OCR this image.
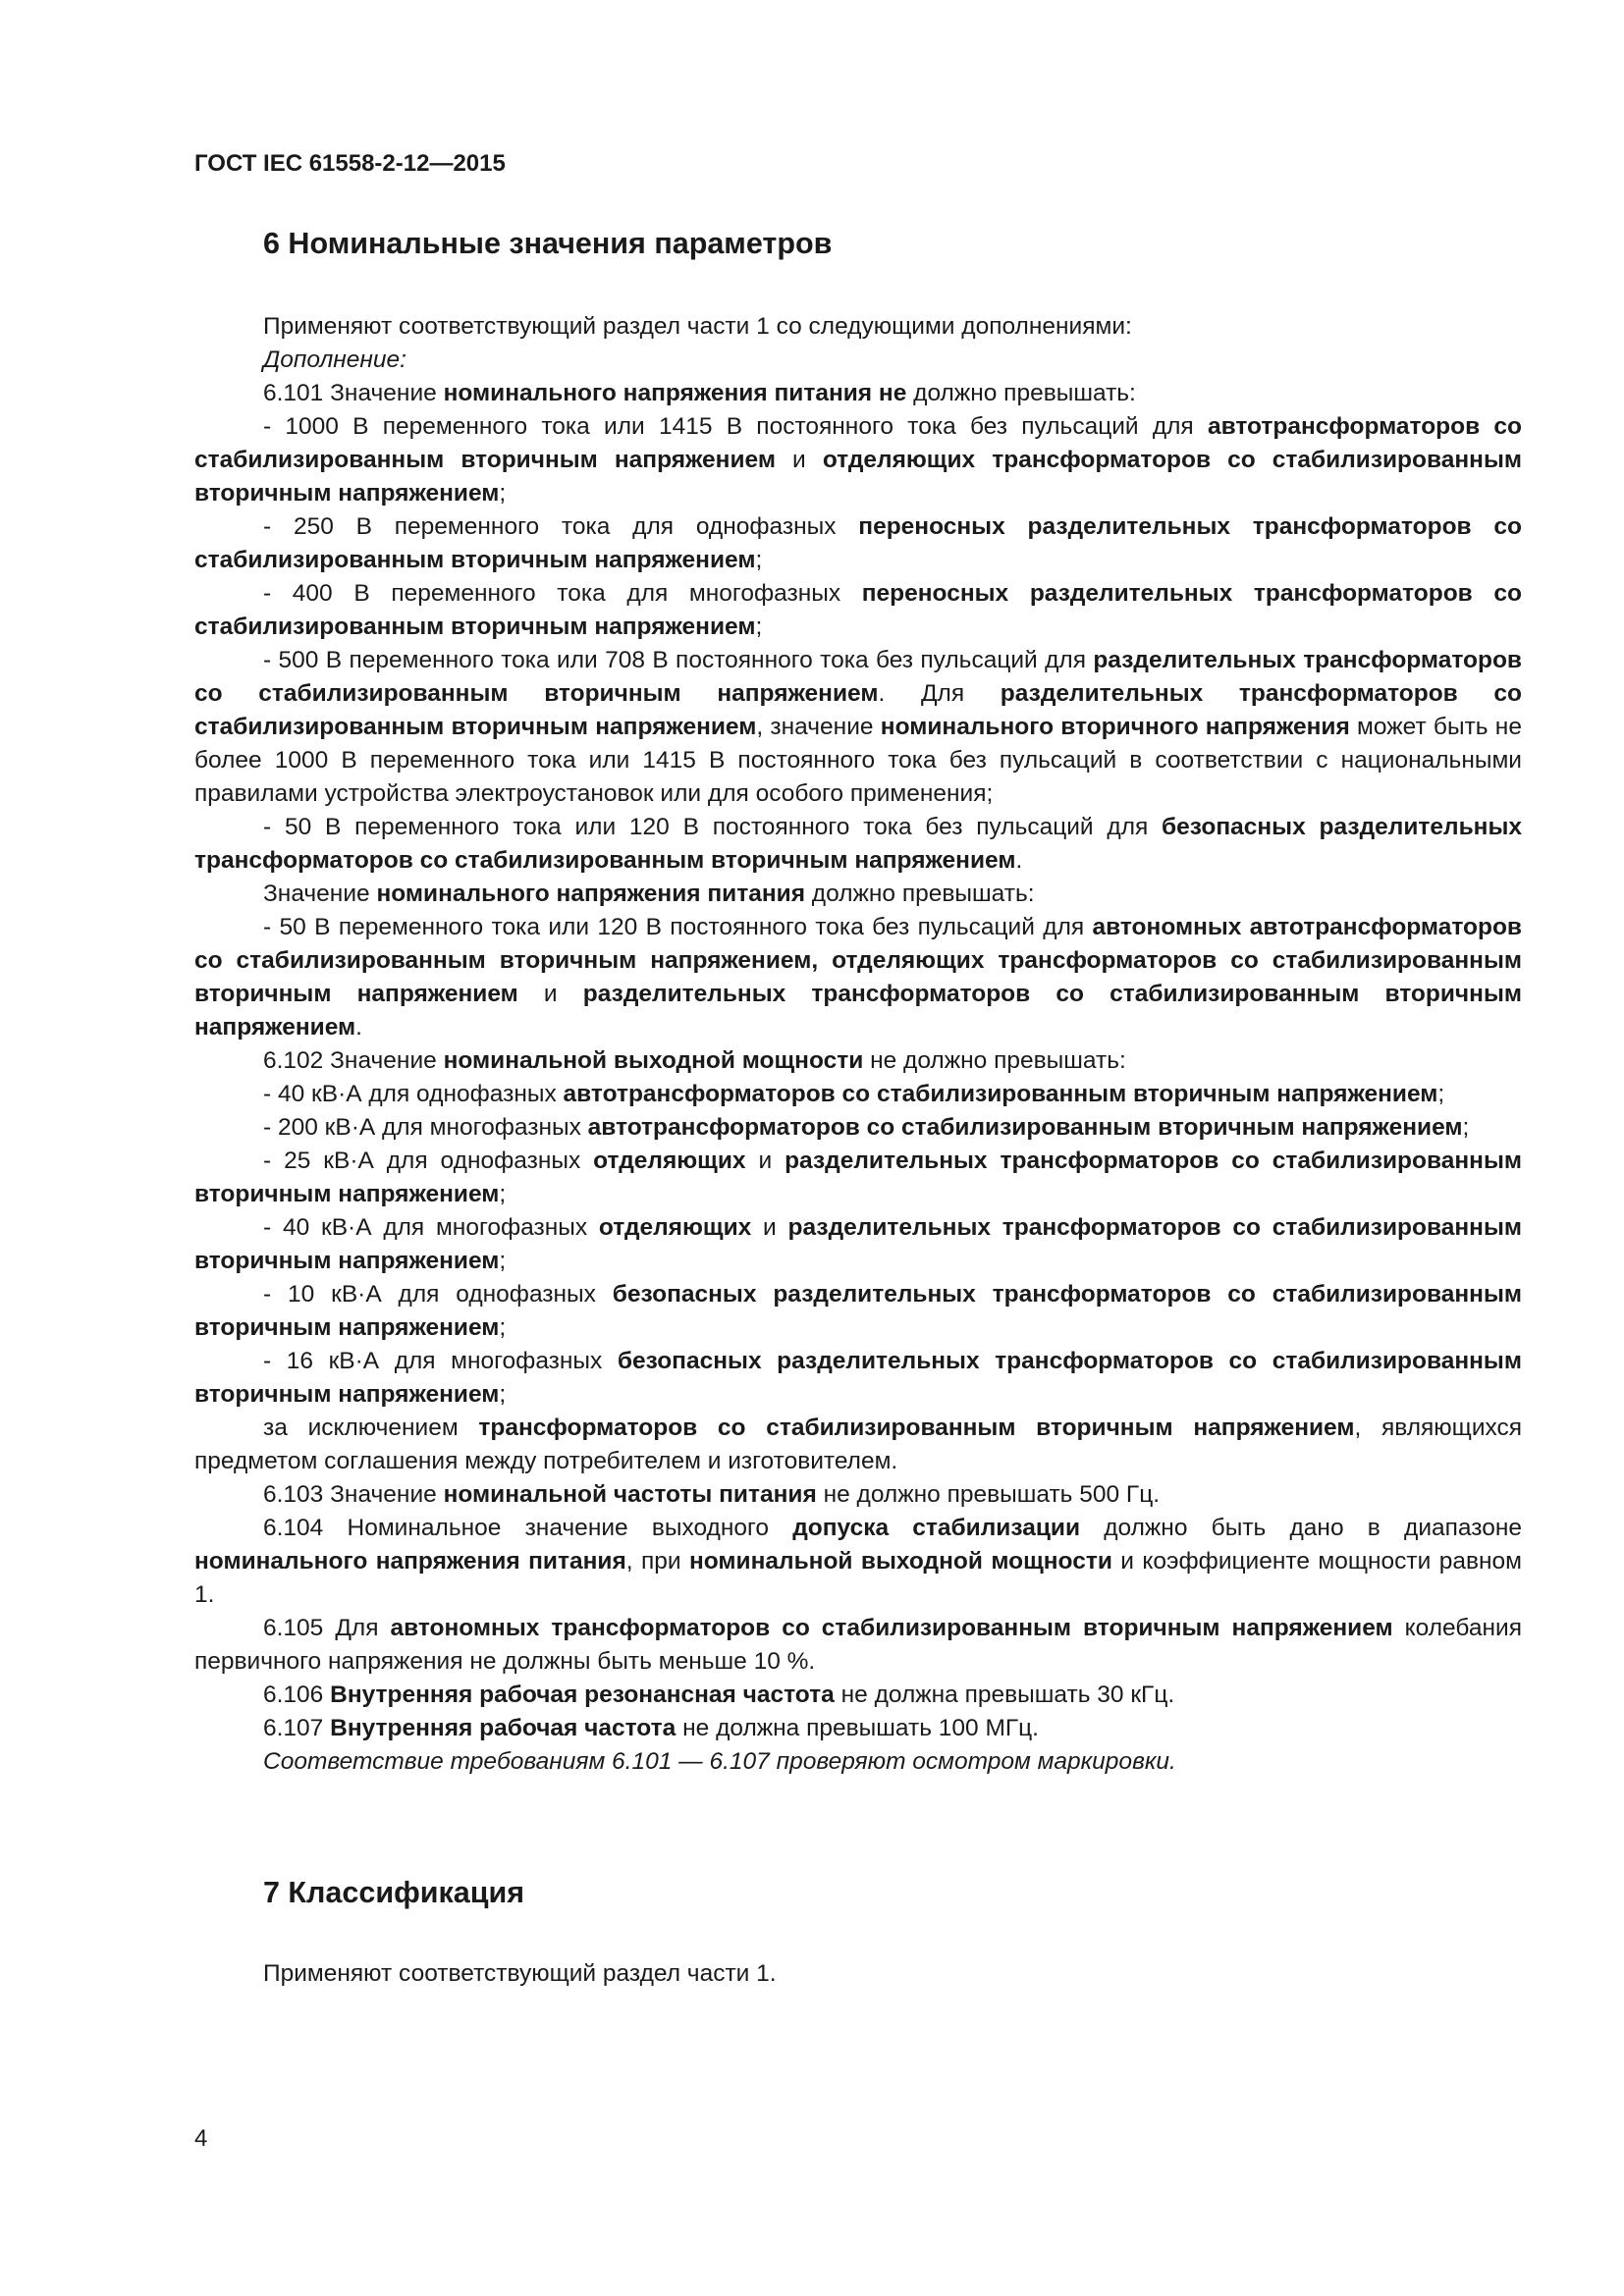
ГОСТ IEC 61558-2-12—2015
6 Номинальные значения параметров

Применяют соответствующий раздел части 1 со следующими дополнениями:

Дополнение:

6.101 Значение номинального напряжения питания не должно превышать:

- 1000 В переменного тока или 1415 В постоянного тока без пульсаций для автотрансформаторов со стабилизированным вторичным напряжением и отделяющих трансформаторов со стабилизированным вторичным напряжением;

- 250 В переменного тока для однофазных переносных разделительных трансформаторов со стабилизированным вторичным напряжением;

- 400 В переменного тока для многофазных переносных разделительных трансформаторов со стабилизированным вторичным напряжением;

- 500 В переменного тока или 708 В постоянного тока без пульсаций для разделительных трансформаторов со стабилизированным вторичным напряжением. Для разделительных трансформаторов со стабилизированным вторичным напряжением, значение номинального вторичного напряжения может быть не более 1000 В переменного тока или 1415 В постоянного тока без пульсаций в соответствии с национальными правилами устройства электроустановок или для особого применения;

- 50 В переменного тока или 120 В постоянного тока без пульсаций для безопасных разделительных трансформаторов со стабилизированным вторичным напряжением.

Значение номинального напряжения питания должно превышать:

- 50 В переменного тока или 120 В постоянного тока без пульсаций для автономных автотрансформаторов со стабилизированным вторичным напряжением, отделяющих трансформаторов со стабилизированным вторичным напряжением и разделительных трансформаторов со стабилизированным вторичным напряжением.

6.102 Значение номинальной выходной мощности не должно превышать:

- 40 кВ·А для однофазных автотрансформаторов со стабилизированным вторичным напряжением;

- 200 кВ·А для многофазных автотрансформаторов со стабилизированным вторичным напряжением;

- 25 кВ·А для однофазных отделяющих и разделительных трансформаторов со стабилизированным вторичным напряжением;

- 40 кВ·А для многофазных отделяющих и разделительных трансформаторов со стабилизированным вторичным напряжением;

- 10 кВ·А для однофазных безопасных разделительных трансформаторов со стабилизированным вторичным напряжением;

- 16 кВ·А для многофазных безопасных разделительных трансформаторов со стабилизированным вторичным напряжением;

за исключением трансформаторов со стабилизированным вторичным напряжением, являющихся предметом соглашения между потребителем и изготовителем.

6.103 Значение номинальной частоты питания не должно превышать 500 Гц.

6.104 Номинальное значение выходного допуска стабилизации должно быть дано в диапазоне номинального напряжения питания, при номинальной выходной мощности и коэффициенте мощности равном 1.

6.105 Для автономных трансформаторов со стабилизированным вторичным напряжением колебания первичного напряжения не должны быть меньше 10 %.

6.106 Внутренняя рабочая резонансная частота не должна превышать 30 кГц.

6.107 Внутренняя рабочая частота не должна превышать 100 МГц.

Соответствие требованиям 6.101 — 6.107 проверяют осмотром маркировки.

7 Классификация

Применяют соответствующий раздел части 1.

4
